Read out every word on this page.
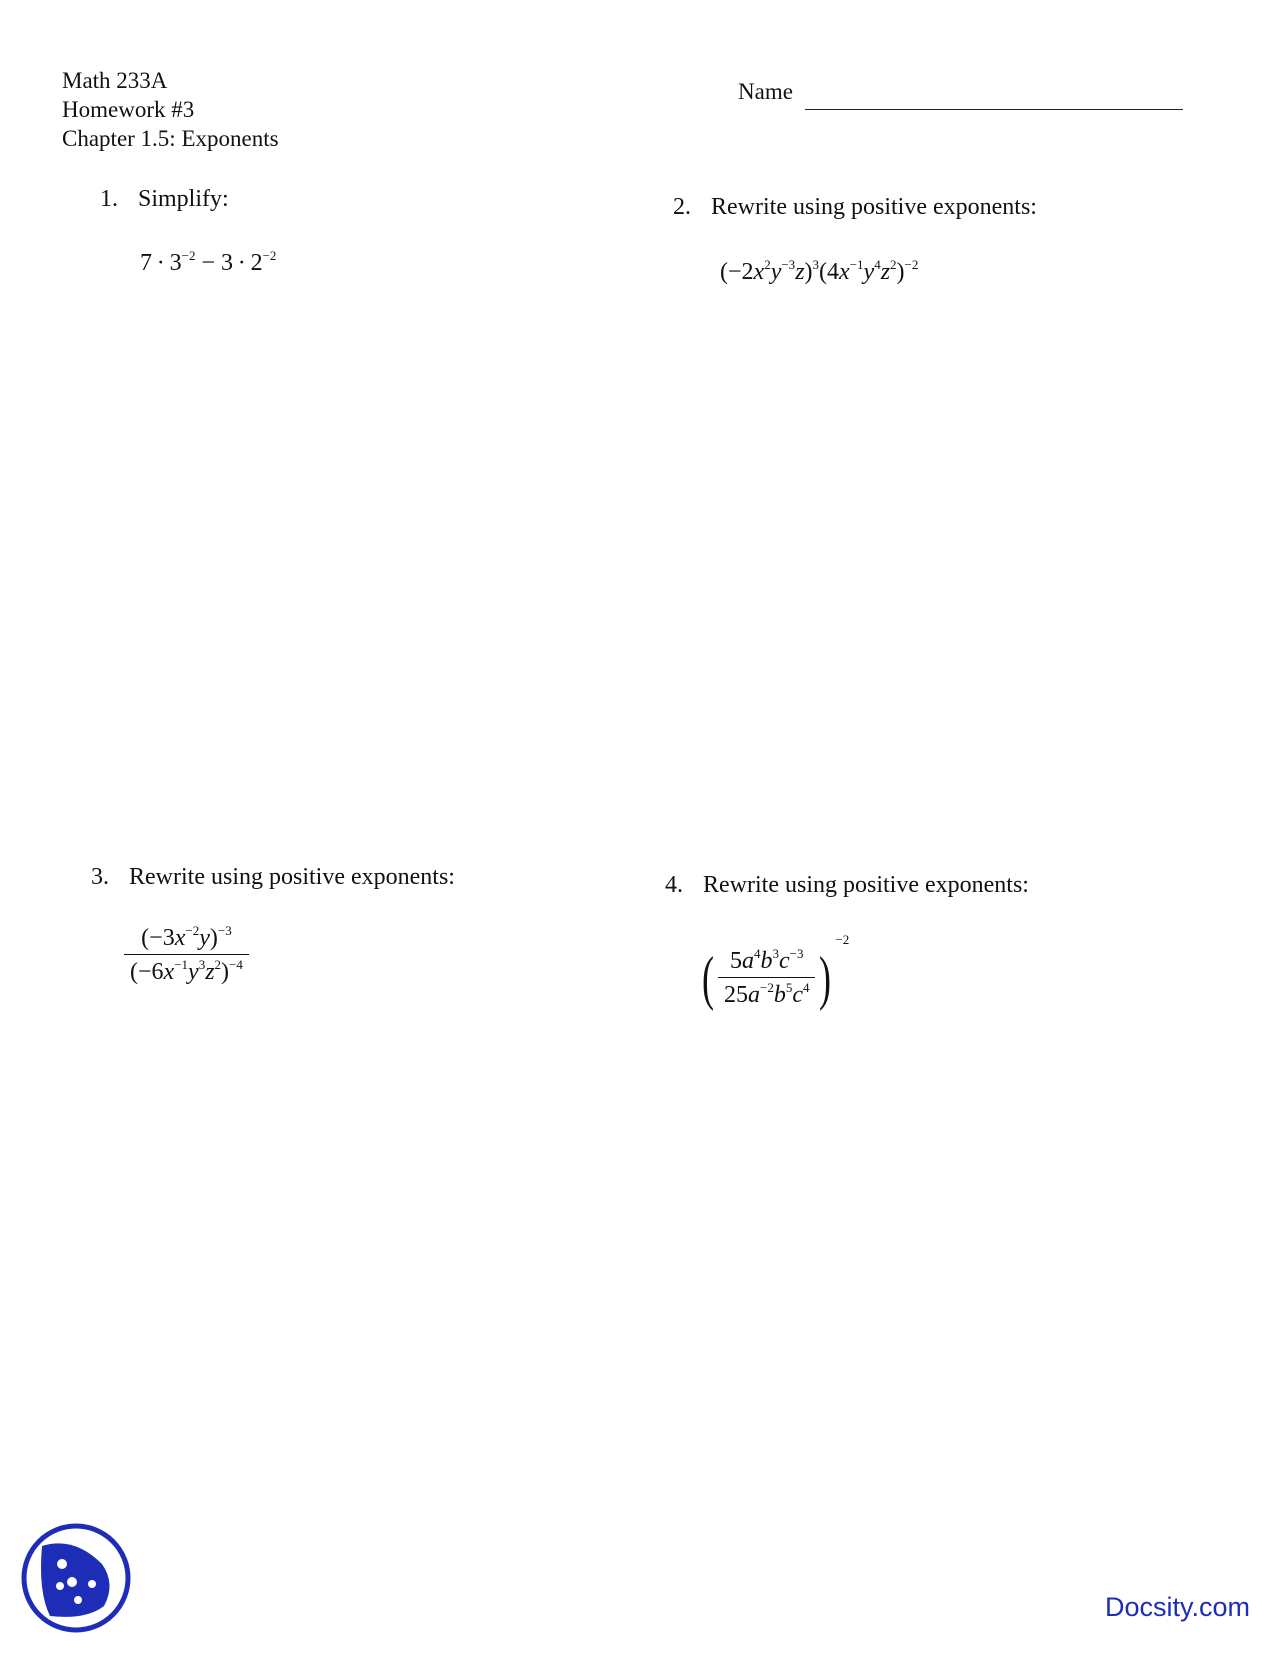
Math 233A
Homework #3
Chapter 1.5: Exponents
Name
1. Simplify:
$7 \cdot 3^{-2} - 3 \cdot 2^{-2}$
2. Rewrite using positive exponents:
$(-2x^2y^{-3}z)^3(4x^{-1}y^4z^2)^{-2}$
3. Rewrite using positive exponents:
$\frac{(-3x^{-2}y)^{-3}}{(-6x^{-1}y^3z^2)^{-4}}$
4. Rewrite using positive exponents:
( $\frac{5a^4b^3c^{-3}}{25a^{-2}b^5c^4} )^{-2}$
Docsity.com
